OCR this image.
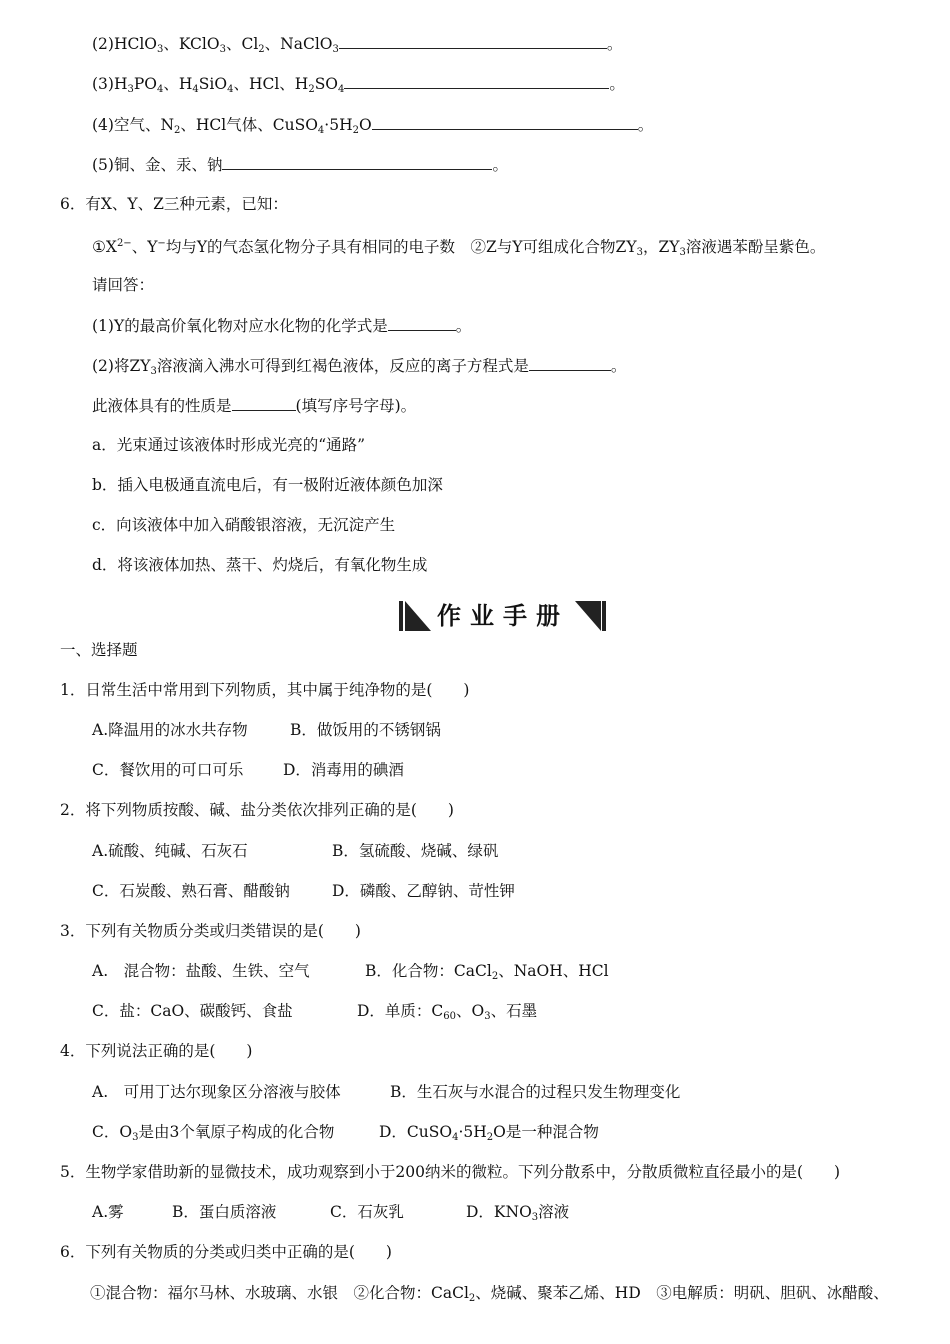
(2)HClO$_3$、KClO$_3$、$Cl_2$、NaClO$_3$	。
$(3)H_3PO_4$、$H_4SiO_4$、HCl、$H_2SO_4$	。
(4)空气、$N_2$、HCl气体、$CuSO_4\cdot 5H_2O$	。
(5)铜、金、汞、钠	。
6．有X、Y、Z三种元素，已知：
$①X^{2-}$、Y−均与Y的气态氢化物分子具有相同的电子数　②Z与Y可组成化合物$ZY_3$，$ZY_3$溶液遇苯酚呈紫色。
请回答：
(1)Y的最高价氧化物对应水化物的化学式是	。
(2)将$ZY_3$溶液滴入沸水可得到红褐色液体，反应的离子方程式是	。
此液体具有的性质是	(填写序号字母)。
a．光束通过该液体时形成光亮的“通路”
b．插入电极通直流电后，有一极附近液体颜色加深
c．向该液体中加入硝酸银溶液，无沉淀产生
d．将该液体加热、蒸干、灼烧后，有氧化物生成
作业手册
一、选择题
1．日常生活中常用到下列物质，其中属于纯净物的是(　　)
A.降温用的冰水共存物	B．做饭用的不锈钢锅
C．餐饮用的可口可乐	D．消毒用的碘酒
2．将下列物质按酸、碱、盐分类依次排列正确的是(　　)
A.硫酸、纯碱、石灰石	B．氢硫酸、烧碱、绿矾
C．石炭酸、熟石膏、醋酸钠	D．磷酸、乙醇钠、苛性钾
3．下列有关物质分类或归类错误的是(　　)
A.　混合物：盐酸、生铁、空气	B．化合物：CaCl$_2$、NaOH、HCl
C．盐：CaO、碳酸钙、食盐	D．单质：$C_{60}$、$O_3$、石墨
4．下列说法正确的是(　　)
A.　可用丁达尔现象区分溶液与胶体	B．生石灰与水混合的过程只发生物理变化
C．$O_3$是由3个氧原子构成的化合物	D．$CuSO_4\cdot 5H_2O$是一种混合物
5．生物学家借助新的显微技术，成功观察到小于200纳米的微粒。下列分散系中，分散质微粒直径最小的是(　　)
A.雾	B．蛋白质溶液	C．石灰乳	D．$KNO_3$溶液
6．下列有关物质的分类或归类中正确的是(　　)
①混合物：福尔马林、水玻璃、水银　②化合物：CaCl$_2$、烧碱、聚苯乙烯、HD　③电解质：明矾、胆矾、冰醋酸、
